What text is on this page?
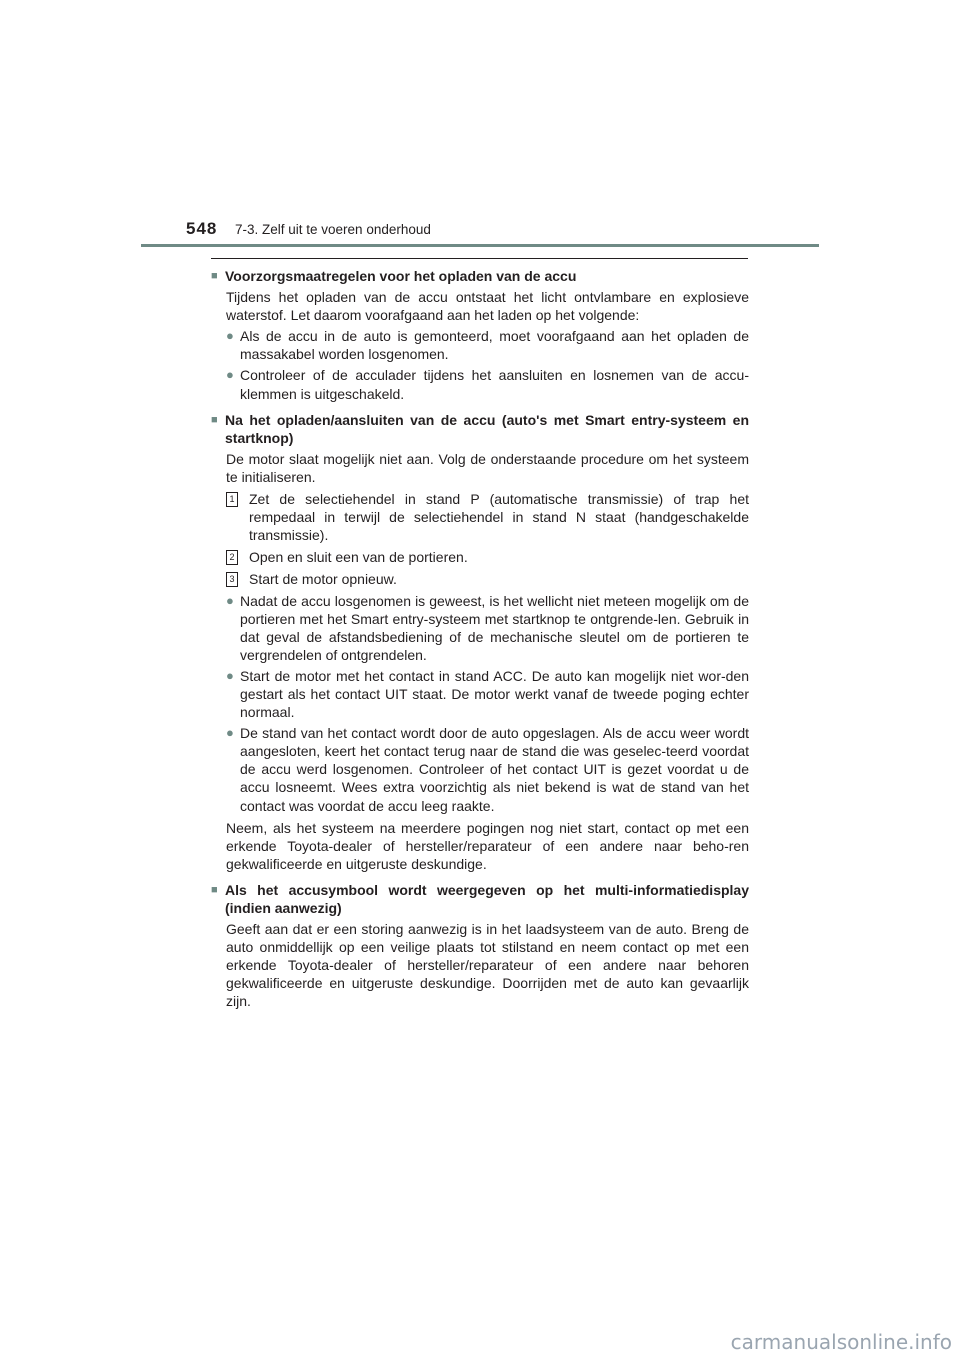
548 7-3. Zelf uit te voeren onderhoud
■ Voorzorgsmaatregelen voor het opladen van de accu

Tijdens het opladen van de accu ontstaat het licht ontvlambare en explosieve waterstof. Let daarom voorafgaand aan het laden op het volgende:

● Als de accu in de auto is gemonteerd, moet voorafgaand aan het opladen de massakabel worden losgenomen.
● Controleer of de acculader tijdens het aansluiten en losnemen van de accu-klemmen is uitgeschakeld.
■ Na het opladen/aansluiten van de accu (auto's met Smart entry-systeem en startknop)

De motor slaat mogelijk niet aan. Volg de onderstaande procedure om het systeem te initialiseren.

1 Zet de selectiehendel in stand P (automatische transmissie) of trap het rempedaal in terwijl de selectiehendel in stand N staat (handgeschakelde transmissie).
2 Open en sluit een van de portieren.
3 Start de motor opnieuw.
● Nadat de accu losgenomen is geweest, is het wellicht niet meteen mogelijk om de portieren met het Smart entry-systeem met startknop te ontgrende-len. Gebruik in dat geval de afstandsbediening of de mechanische sleutel om de portieren te vergrendelen of ontgrendelen.
● Start de motor met het contact in stand ACC. De auto kan mogelijk niet wor-den gestart als het contact UIT staat. De motor werkt vanaf de tweede poging echter normaal.
● De stand van het contact wordt door de auto opgeslagen. Als de accu weer wordt aangesloten, keert het contact terug naar de stand die was geselec-teerd voordat de accu werd losgenomen. Controleer of het contact UIT is gezet voordat u de accu losneemt. Wees extra voorzichtig als niet bekend is wat de stand van het contact was voordat de accu leeg raakte.

Neem, als het systeem na meerdere pogingen nog niet start, contact op met een erkende Toyota-dealer of hersteller/reparateur of een andere naar beho-ren gekwalificeerde en uitgeruste deskundige.

■ Als het accusymbool wordt weergegeven op het multi-informatiedisplay (indien aanwezig)

Geeft aan dat er een storing aanwezig is in het laadsysteem van de auto. Breng de auto onmiddellijk op een veilige plaats tot stilstand en neem contact op met een erkende Toyota-dealer of hersteller/reparateur of een andere naar behoren gekwalificeerde en uitgeruste deskundige. Doorrijden met de auto kan gevaarlijk zijn.

carmanualsonline.info
